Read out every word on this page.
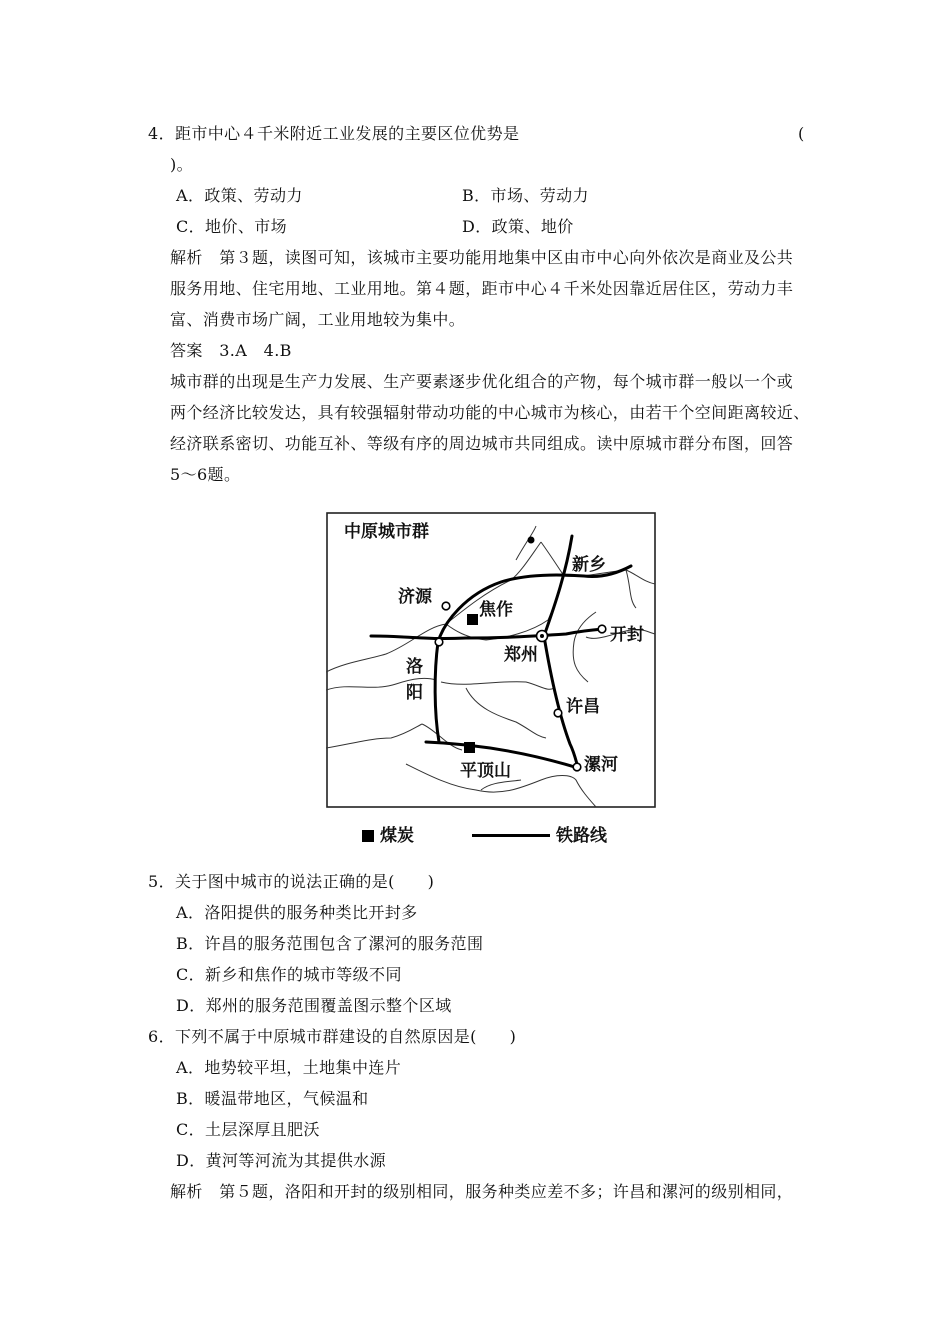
4．距市中心４千米附近工业发展的主要区位优势是	(
)。
A．政策、劳动力	B．市场、劳动力
C．地价、市场	D．政策、地价
解析　第３题，读图可知，该城市主要功能用地集中区由市中心向外依次是商业及公共
服务用地、住宅用地、工业用地。第４题，距市中心４千米处因靠近居住区，劳动力丰
富、消费市场广阔，工业用地较为集中。
答案　3.A　4.B
城市群的出现是生产力发展、生产要素逐步优化组合的产物，每个城市群一般以一个或
两个经济比较发达，具有较强辐射带动功能的中心城市为核心，由若干个空间距离较近、
经济联系密切、功能互补、等级有序的周边城市共同组成。读中原城市群分布图，回答
5～6题。
中原城市群
新乡
济源
焦作
开封
洛
阳
郑州
许昌
平顶山	漯河
煤炭	铁路线
5．关于图中城市的说法正确的是(　　)
A．洛阳提供的服务种类比开封多
B．许昌的服务范围包含了漯河的服务范围
C．新乡和焦作的城市等级不同
D．郑州的服务范围覆盖图示整个区域
6．下列不属于中原城市群建设的自然原因是(　　)
A．地势较平坦，土地集中连片
B．暖温带地区，气候温和
C．土层深厚且肥沃
D．黄河等河流为其提供水源
解析　第５题，洛阳和开封的级别相同，服务种类应差不多；许昌和漯河的级别相同，
